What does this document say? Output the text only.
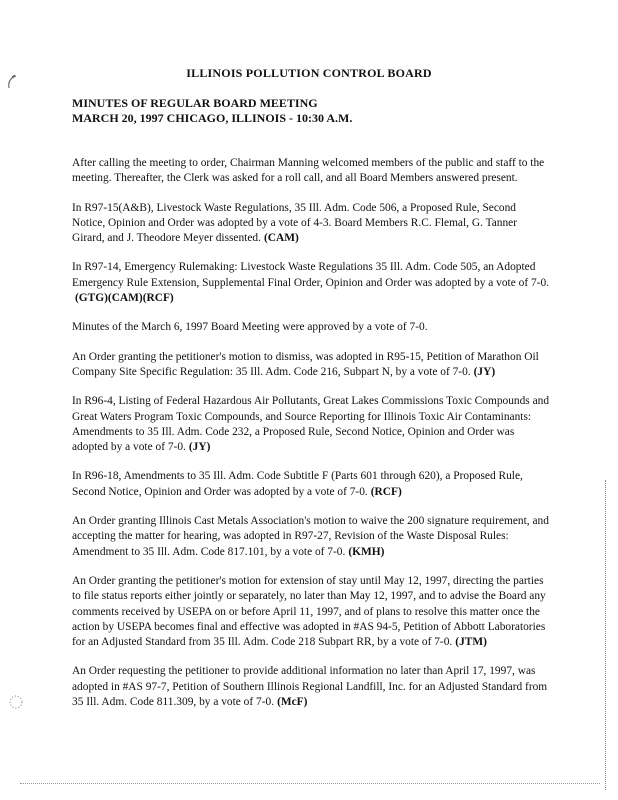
ILLINOIS POLLUTION CONTROL BOARD
MINUTES OF REGULAR BOARD MEETING
MARCH 20, 1997 CHICAGO, ILLINOIS - 10:30 A.M.

After calling the meeting to order, Chairman Manning welcomed members of the public and staff to the meeting. Thereafter, the Clerk was asked for a roll call, and all Board Members answered present.

In R97-15(A&B), Livestock Waste Regulations, 35 Ill. Adm. Code 506, a Proposed Rule, Second Notice, Opinion and Order was adopted by a vote of 4-3. Board Members R.C. Flemal, G. Tanner Girard, and J. Theodore Meyer dissented. (CAM)

In R97-14, Emergency Rulemaking: Livestock Waste Regulations 35 Ill. Adm. Code 505, an Adopted Emergency Rule Extension, Supplemental Final Order, Opinion and Order was adopted by a vote of 7-0.(GTG)(CAM)(RCF)

Minutes of the March 6, 1997 Board Meeting were approved by a vote of 7-0.

An Order granting the petitioner's motion to dismiss, was adopted in R95-15, Petition of Marathon Oil Company Site Specific Regulation: 35 Ill. Adm. Code 216, Subpart N, by a vote of 7-0. (JY)

In R96-4, Listing of Federal Hazardous Air Pollutants, Great Lakes Commissions Toxic Compounds and Great Waters Program Toxic Compounds, and Source Reporting for Illinois Toxic Air Contaminants: Amendments to 35 Ill. Adm. Code 232, a Proposed Rule, Second Notice, Opinion and Order was adopted by a vote of 7-0. (JY)

In R96-18, Amendments to 35 Ill. Adm. Code Subtitle F (Parts 601 through 620), a Proposed Rule, Second Notice, Opinion and Order was adopted by a vote of 7-0. (RCF)

An Order granting Illinois Cast Metals Association's motion to waive the 200 signature requirement, and accepting the matter for hearing, was adopted in R97-27, Revision of the Waste Disposal Rules: Amendment to 35 Ill. Adm. Code 817.101, by a vote of 7-0. (KMH)

An Order granting the petitioner's motion for extension of stay until May 12, 1997, directing the parties to file status reports either jointly or separately, no later than May 12, 1997, and to advise the Board any comments received by USEPA on or before April 11, 1997, and of plans to resolve this matter once the action by USEPA becomes final and effective was adopted in #AS 94-5, Petition of Abbott Laboratories for an Adjusted Standard from 35 Ill. Adm. Code 218 Subpart RR, by a vote of 7-0. (JTM)

An Order requesting the petitioner to provide additional information no later than April 17, 1997, was adopted in #AS 97-7, Petition of Southern Illinois Regional Landfill, Inc. for an Adjusted Standard from 35 Ill. Adm. Code 811.309, by a vote of 7-0. (McF)
